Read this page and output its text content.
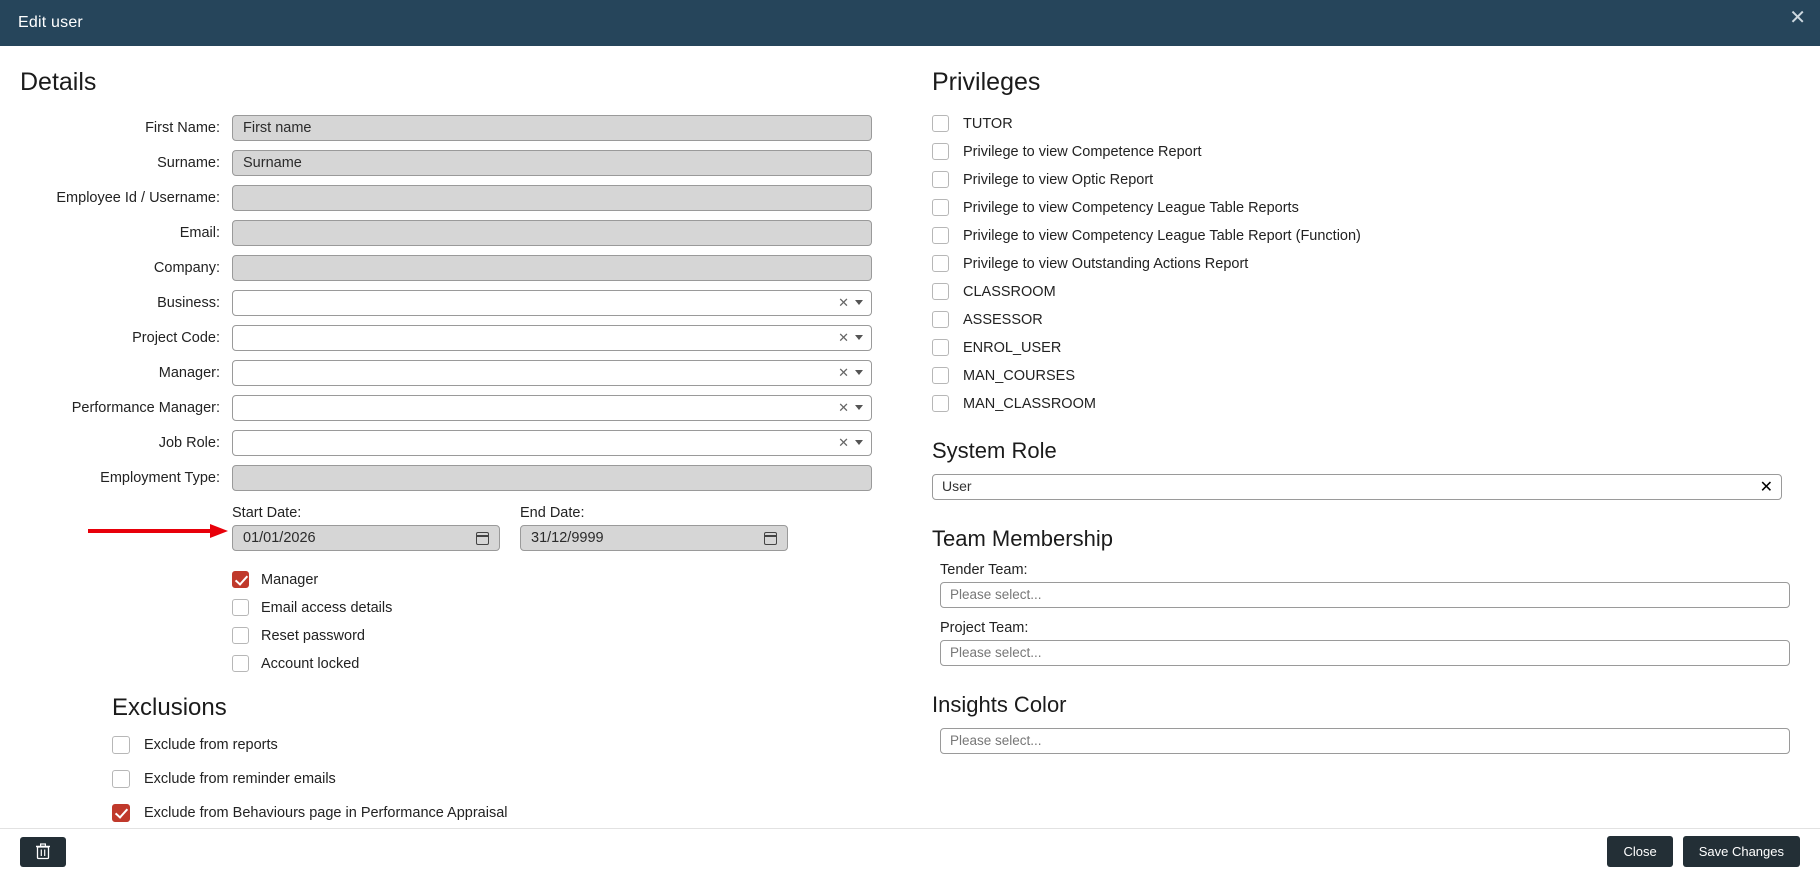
Edit user	✕
Details
First Name:	First name
Surname:	Surname
Employee Id / Username:
Email:
Company:
Business:	✕
Project Code:	✕
Manager:	✕
Performance Manager:	✕
Job Role:	✕
Employment Type:
Start Date:
01/01/2026
End Date:
31/12/9999
Manager
Email access details
Reset password
Account locked
Exclusions
Exclude from reports
Exclude from reminder emails
Exclude from Behaviours page in Performance Appraisal
Privileges
TUTOR
Privilege to view Competence Report
Privilege to view Optic Report
Privilege to view Competency League Table Reports
Privilege to view Competency League Table Report (Function)
Privilege to view Outstanding Actions Report
CLASSROOM
ASSESSOR
ENROL_USER
MAN_COURSES
MAN_CLASSROOM
System Role
User	✕
Team Membership
Tender Team:
Please select...
Project Team:
Please select...
Insights Color
Please select...
Close	Save Changes
